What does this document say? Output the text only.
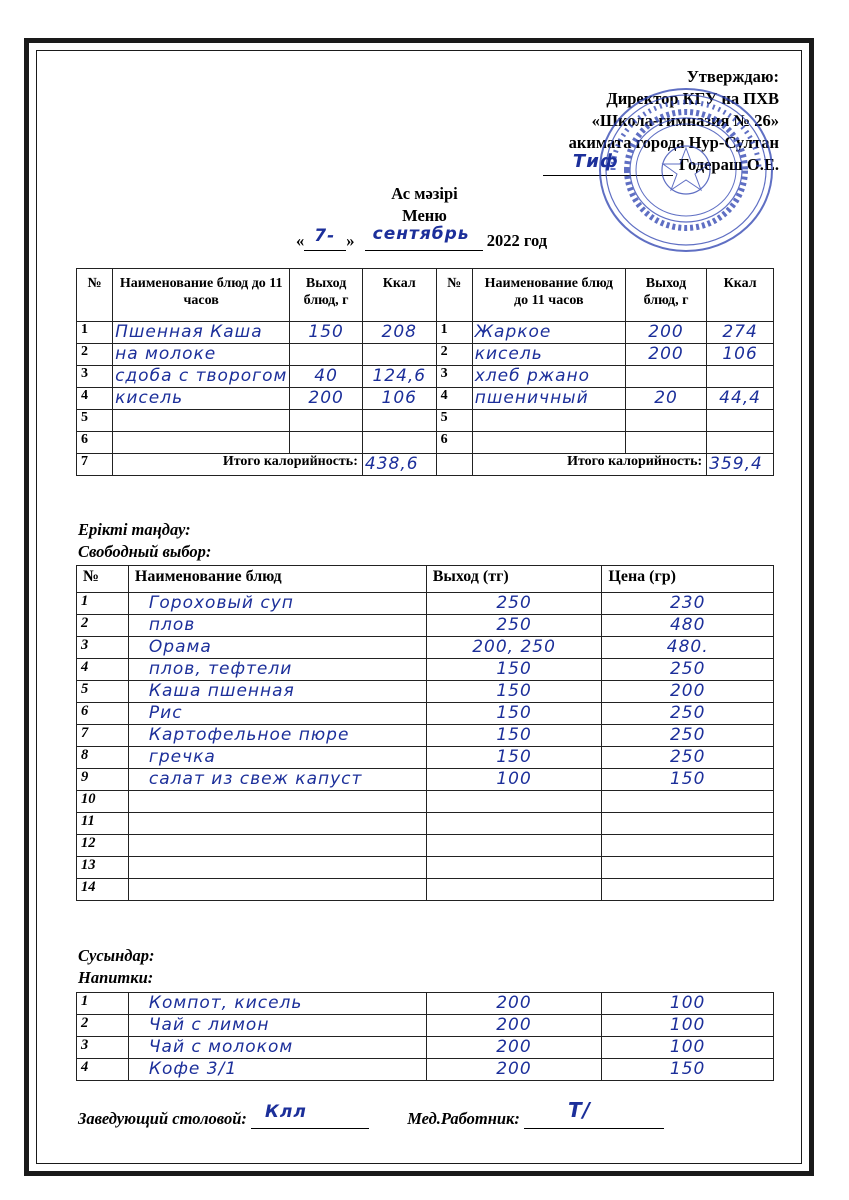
Утверждаю:
Директор КГУ на ПХВ
«Школа-гимназия № 26»
акимата города Нур-Султан
Тиф	Годераш О.Е.
Ас мәзірі
Меню
« 7- » сентябрь 2022 год
№	Наименование блюд до 11 часов	Выход блюд, г	Ккал	№	Наименование блюд до 11 часов	Выход блюд, г	Ккал
1	Пшенная Каша	150	208	1	Жаркое	200	274
2	на молоке			2	кисель	200	106
3	сдоба с творогом	40	124,6	3	хлеб ржано		
4	кисель	200	106	4	пшеничный	20	44,4
5				5			
6				6			
7	Итого калорийность:		438,6		Итого калорийность:		359,4
Ерікті таңдау:
Свободный выбор:
№	Наименование блюд	Выход (тг)	Цена (гр)
1	Гороховый суп	250	230
2	плов	250	480
3	Орама	200, 250	480.
4	плов, тефтели	150	250
5	Каша пшенная	150	200
6	Рис	150	250
7	Картофельное пюре	150	250
8	гречка	150	250
9	салат из свеж капуст	100	150
10			
11			
12			
13			
14			
Сусындар:
Напитки:
1	Компот, кисель	200	100
2	Чай с лимон	200	100
3	Чай с молоком	200	100
4	Кофе 3/1	200	150
Заведующий столовой: Клл	Мед.Работник: Т/
